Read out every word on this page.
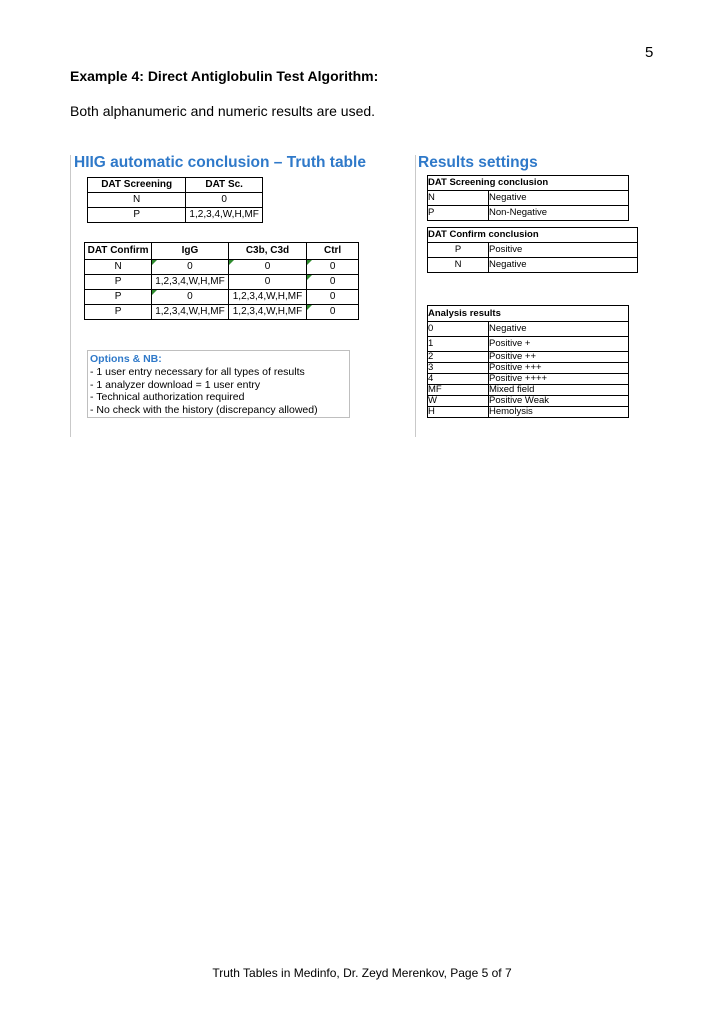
5
Example 4: Direct Antiglobulin Test Algorithm:
Both alphanumeric and numeric results are used.
HIIG automatic conclusion – Truth table
DAT Screening	DAT Sc.
N	0
P	1,2,3,4,W,H,MF
DAT Confirm	IgG	C3b, C3d	Ctrl
N	0	0	0
P	1,2,3,4,W,H,MF	0	0
P	0	1,2,3,4,W,H,MF	0
P	1,2,3,4,W,H,MF	1,2,3,4,W,H,MF	0
Options & NB:
- 1 user entry necessary for all types of results
- 1 analyzer download = 1 user entry
- Technical authorization required
- No check with the history (discrepancy allowed)
Results settings
DAT Screening conclusion	
N	Negative
P	Non-Negative
DAT Confirm conclusion	
P	Positive
N	Negative
Analysis results	
0	Negative
1	Positive +
2	Positive ++
3	Positive +++
4	Positive ++++
MF	Mixed field
W	Positive Weak
H	Hemolysis
Truth Tables in Medinfo, Dr. Zeyd Merenkov, Page 5 of 7
